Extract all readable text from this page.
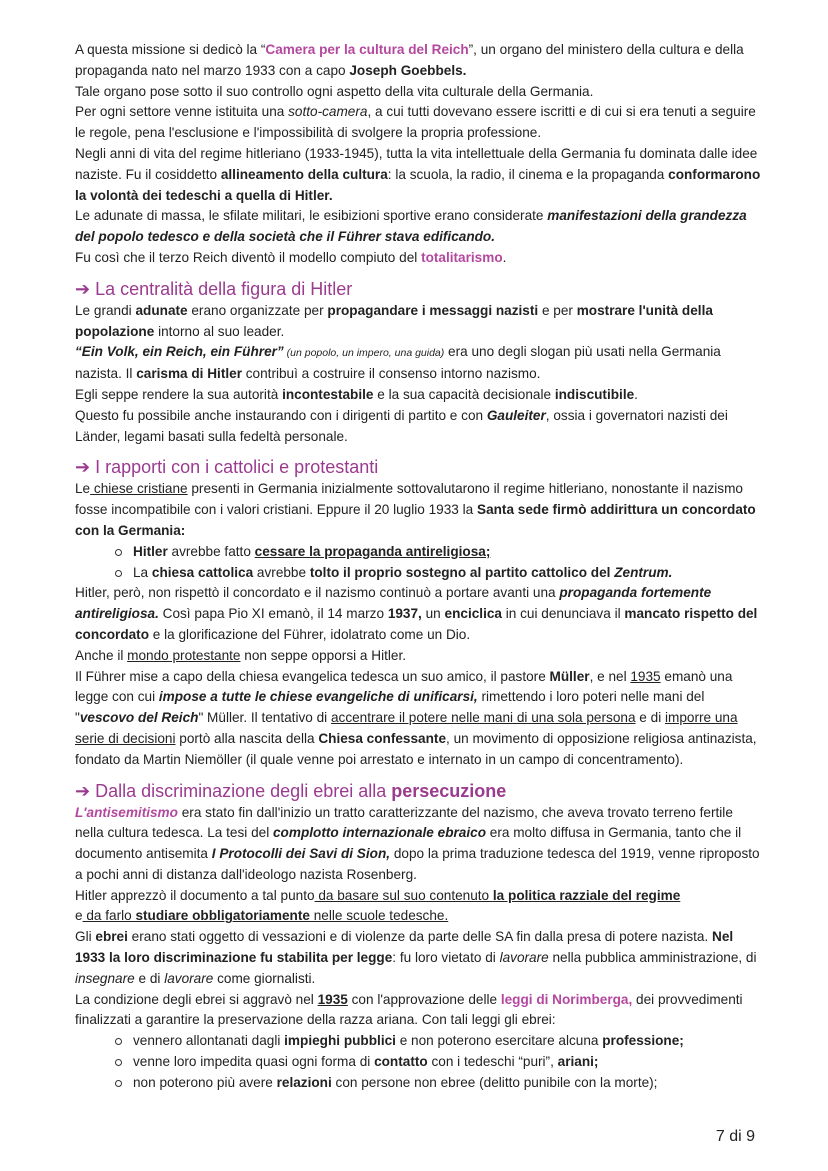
A questa missione si dedicò la “Camera per la cultura del Reich”, un organo del ministero della cultura e della propaganda nato nel marzo 1933 con a capo Joseph Goebbels.

Tale organo pose sotto il suo controllo ogni aspetto della vita culturale della Germania.

Per ogni settore venne istituita una sotto-camera, a cui tutti dovevano essere iscritti e di cui si era tenuti a seguire le regole, pena l'esclusione e l'impossibilità di svolgere la propria professione.

Negli anni di vita del regime hitleriano (1933-1945), tutta la vita intellettuale della Germania fu dominata dalle idee naziste. Fu il cosiddetto allineamento della cultura: la scuola, la radio, il cinema e la propaganda conformarono la volontà dei tedeschi a quella di Hitler.

Le adunate di massa, le sfilate militari, le esibizioni sportive erano considerate manifestazioni della grandezza del popolo tedesco e della società che il Führer stava edificando.

Fu così che il terzo Reich diventò il modello compiuto del totalitarismo.

➔ La centralità della figura di Hitler

Le grandi adunate erano organizzate per propagandare i messaggi nazisti e per mostrare l'unità della popolazione intorno al suo leader.

“Ein Volk, ein Reich, ein Führer” (un popolo, un impero, una guida) era uno degli slogan più usati nella Germania nazista. Il carisma di Hitler contribuì a costruire il consenso intorno nazismo.

Egli seppe rendere la sua autorità incontestabile e la sua capacità decisionale indiscutibile.

Questo fu possibile anche instaurando con i dirigenti di partito e con Gauleiter, ossia i governatori nazisti dei Länder, legami basati sulla fedeltà personale.

➔ I rapporti con i cattolici e protestanti

Le chiese cristiane presenti in Germania inizialmente sottovalutarono il regime hitleriano, nonostante il nazismo fosse incompatibile con i valori cristiani. Eppure il 20 luglio 1933 la Santa sede firmò addirittura un concordato con la Germania:

Hitler avrebbe fatto cessare la propaganda antireligiosa;
La chiesa cattolica avrebbe tolto il proprio sostegno al partito cattolico del Zentrum.

Hitler, però, non rispettò il concordato e il nazismo continuò a portare avanti una propaganda fortemente antireligiosa. Così papa Pio XI emanò, il 14 marzo 1937, un enciclica in cui denunciava il mancato rispetto del concordato e la glorificazione del Führer, idolatrato come un Dio.

Anche il mondo protestante non seppe opporsi a Hitler.

Il Führer mise a capo della chiesa evangelica tedesca un suo amico, il pastore Müller, e nel 1935 emanò una legge con cui impose a tutte le chiese evangeliche di unificarsi, rimettendo i loro poteri nelle mani del "vescovo del Reich" Müller. Il tentativo di accentrare il potere nelle mani di una sola persona e di imporre una serie di decisioni portò alla nascita della Chiesa confessante, un movimento di opposizione religiosa antinazista, fondato da Martin Niemöller (il quale venne poi arrestato e internato in un campo di concentramento).

➔ Dalla discriminazione degli ebrei alla persecuzione

L'antisemitismo era stato fin dall'inizio un tratto caratterizzante del nazismo, che aveva trovato terreno fertile nella cultura tedesca. La tesi del complotto internazionale ebraico era molto diffusa in Germania, tanto che il documento antisemita I Protocolli dei Savi di Sion, dopo la prima traduzione tedesca del 1919, venne riproposto a pochi anni di distanza dall'ideologo nazista Rosenberg.

Hitler apprezzò il documento a tal punto da basare sul suo contenuto la politica razziale del regime
e da farlo studiare obbligatoriamente nelle scuole tedesche.

Gli ebrei erano stati oggetto di vessazioni e di violenze da parte delle SA fin dalla presa di potere nazista. Nel 1933 la loro discriminazione fu stabilita per legge: fu loro vietato di lavorare nella pubblica amministrazione, di insegnare e di lavorare come giornalisti.

La condizione degli ebrei si aggravò nel 1935 con l'approvazione delle leggi di Norimberga, dei provvedimenti finalizzati a garantire la preservazione della razza ariana. Con tali leggi gli ebrei:

vennero allontanati dagli impieghi pubblici e non poterono esercitare alcuna professione;
venne loro impedita quasi ogni forma di contatto con i tedeschi “puri”, ariani;
non poterono più avere relazioni con persone non ebree (delitto punibile con la morte);
7 di 9
